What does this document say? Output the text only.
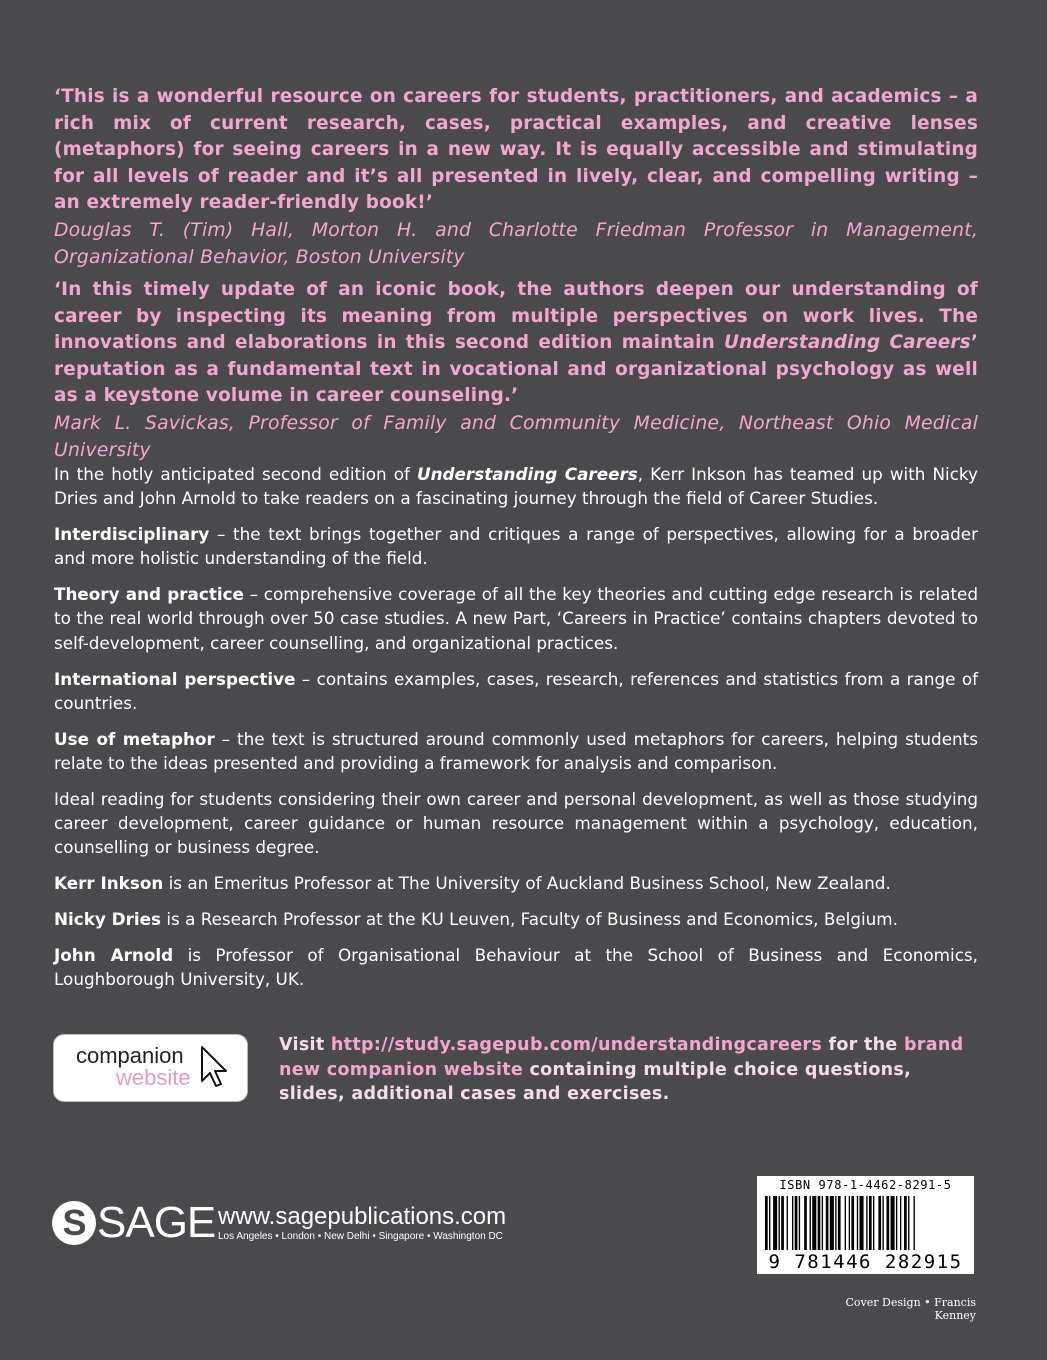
‘This is a wonderful resource on careers for students, practitioners, and academics – a rich mix of current research, cases, practical examples, and creative lenses (metaphors) for seeing careers in a new way. It is equally accessible and stimulating for all levels of reader and it’s all presented in lively, clear, and compelling writing – an extremely reader-friendly book!’
Douglas T. (Tim) Hall, Morton H. and Charlotte Friedman Professor in Management, Organizational Behavior, Boston University
‘In this timely update of an iconic book, the authors deepen our understanding of career by inspecting its meaning from multiple perspectives on work lives. The innovations and elaborations in this second edition maintain Understanding Careers’ reputation as a fundamental text in vocational and organizational psychology as well as a keystone volume in career counseling.’
Mark L. Savickas, Professor of Family and Community Medicine, Northeast Ohio Medical University

In the hotly anticipated second edition of Understanding Careers, Kerr Inkson has teamed up with Nicky Dries and John Arnold to take readers on a fascinating journey through the field of Career Studies.

Interdisciplinary – the text brings together and critiques a range of perspectives, allowing for a broader and more holistic understanding of the field.

Theory and practice – comprehensive coverage of all the key theories and cutting edge research is related to the real world through over 50 case studies. A new Part, ‘Careers in Practice’ contains chapters devoted to self-development, career counselling, and organizational practices.

International perspective – contains examples, cases, research, references and statistics from a range of countries.

Use of metaphor – the text is structured around commonly used metaphors for careers, helping students relate to the ideas presented and providing a framework for analysis and comparison.

Ideal reading for students considering their own career and personal development, as well as those studying career development, career guidance or human resource management within a psychology, education, counselling or business degree.

Kerr Inkson is an Emeritus Professor at The University of Auckland Business School, New Zealand.

Nicky Dries is a Research Professor at the KU Leuven, Faculty of Business and Economics, Belgium.

John Arnold is Professor of Organisational Behaviour at the School of Business and Economics, Loughborough University, UK.

companion
website
Visit http://study.sagepub.com/understandingcareers for the brand new companion website containing multiple choice questions, slides, additional cases and exercises.
S SAGE www.sagepublications.com
Los Angeles • London • New Delhi • Singapore • Washington DC
ISBN 978-1-4462-8291-5
9 781446 282915
Cover Design • Francis Kenney
